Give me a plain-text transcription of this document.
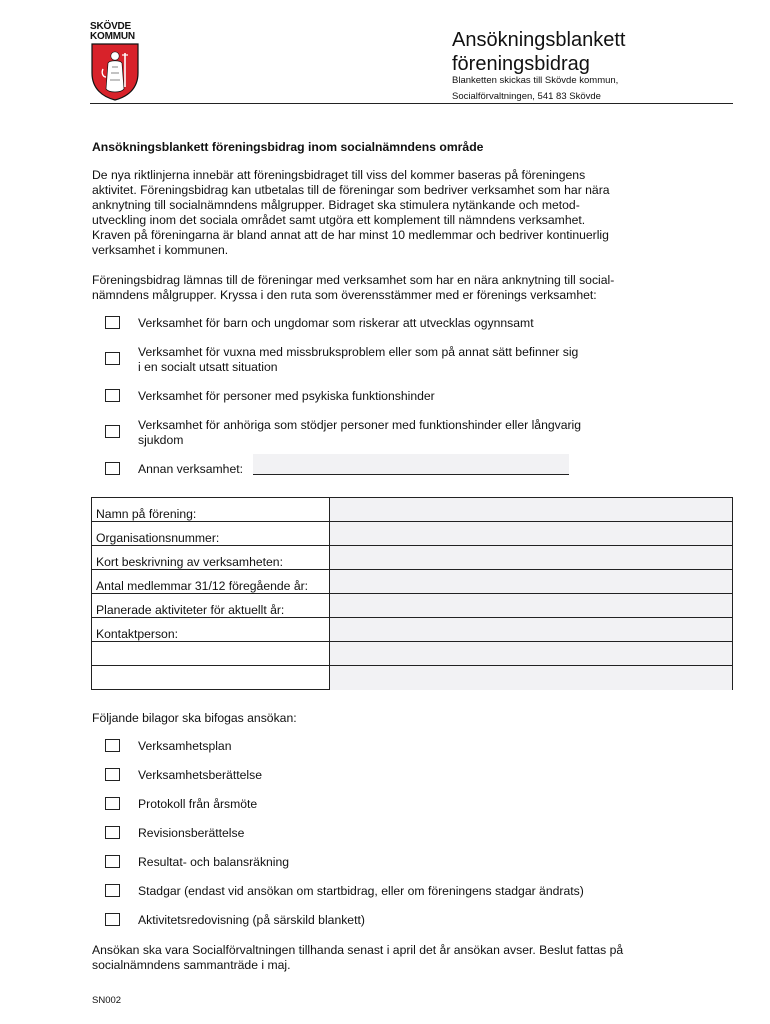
SKÖVDE
KOMMUN	Ansökningsblankett
föreningsbidrag
Blanketten skickas till Skövde kommun,
Socialförvaltningen, 541 83 Skövde
Ansökningsblankett föreningsbidrag inom socialnämndens område
De nya riktlinjerna innebär att föreningsbidraget till viss del kommer baseras på föreningens
aktivitet. Föreningsbidrag kan utbetalas till de föreningar som bedriver verksamhet som har nära
anknytning till socialnämndens målgrupper. Bidraget ska stimulera nytänkande och metod-
utveckling inom det sociala området samt utgöra ett komplement till nämndens verksamhet.
Kraven på föreningarna är bland annat att de har minst 10 medlemmar och bedriver kontinuerlig
verksamhet i kommunen.
Föreningsbidrag lämnas till de föreningar med verksamhet som har en nära anknytning till social-
nämndens målgrupper. Kryssa i den ruta som överensstämmer med er förenings verksamhet:
Verksamhet för barn och ungdomar som riskerar att utvecklas ogynnsamt
Verksamhet för vuxna med missbruksproblem eller som på annat sätt befinner sig
i en socialt utsatt situation
Verksamhet för personer med psykiska funktionshinder
Verksamhet för anhöriga som stödjer personer med funktionshinder eller långvarig
sjukdom
Annan verksamhet:
Namn på förening:
Organisationsnummer:
Kort beskrivning av verksamheten:
Antal medlemmar 31/12 föregående år:
Planerade aktiviteter för aktuellt år:
Kontaktperson:
Följande bilagor ska bifogas ansökan:
Verksamhetsplan
Verksamhetsberättelse
Protokoll från årsmöte
Revisionsberättelse
Resultat- och balansräkning
Stadgar (endast vid ansökan om startbidrag, eller om föreningens stadgar ändrats)
Aktivitetsredovisning (på särskild blankett)
Ansökan ska vara Socialförvaltningen tillhanda senast i april det år ansökan avser. Beslut fattas på
socialnämndens sammanträde i maj.
SN002
